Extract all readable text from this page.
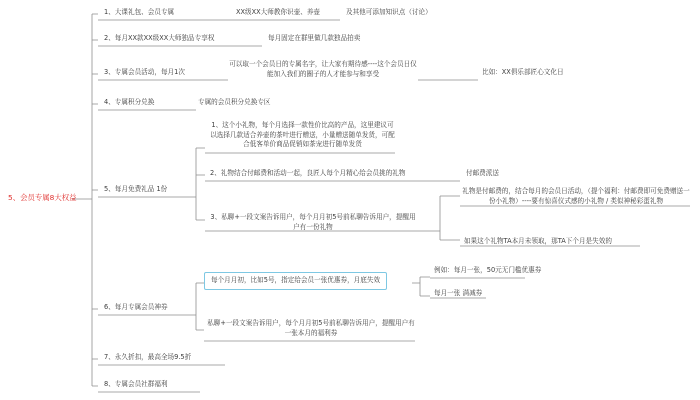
5、会员专属8大权益
1、大课礼包、会员专属	XX级XX大师教你识壶、养壶	及其他可添加知识点（讨论）
2、每月XX款XX级XX大师独品专享权	每月固定在群里做几款独品拍卖
3、专属会员活动，每月1次
可以取一个会员日的专属名字，让大家有期待感----这个会员日仅能加入我们的圈子的人才能参与和享受	比如：XX俱乐部匠心文化日
4、专属积分兑换	专属的会员积分兑换专区
5、每月免费礼品 1份
1、这个小礼物，每个月选择一款性价比高的产品，这里建议可以选择几款适合养壶的茶叶进行赠送，小量赠送随单发货，可配合低客单价商品促销如茶宠进行随单发货
2、礼物结合付邮费和活动一起，良匠人每个月精心给会员挑的礼物	付邮费派送
3、私聊+一段文案告诉用户，每个月月初5号前私聊告诉用户，提醒用户有一份礼物
礼物是付邮费的，结合每月的会员日活动，（提个福利：付邮费即可免费赠送一份小礼物）----要有惊喜仪式感的小礼物 / 类似神秘彩蛋礼物
如果这个礼物TA本月未领取，那TA下个月是失效的
6、每月专属会员神券
每个月月初，比如5号，指定给会员一张优惠券，月底失效
例如：每月一张，50元无门槛优惠券
每月一张 满减券
私聊+一段文案告诉用户，每个月月初5号前私聊告诉用户，提醒用户有一张本月的福利券
7、永久折扣，最高全场9.5折
8、专属会员社群福利
